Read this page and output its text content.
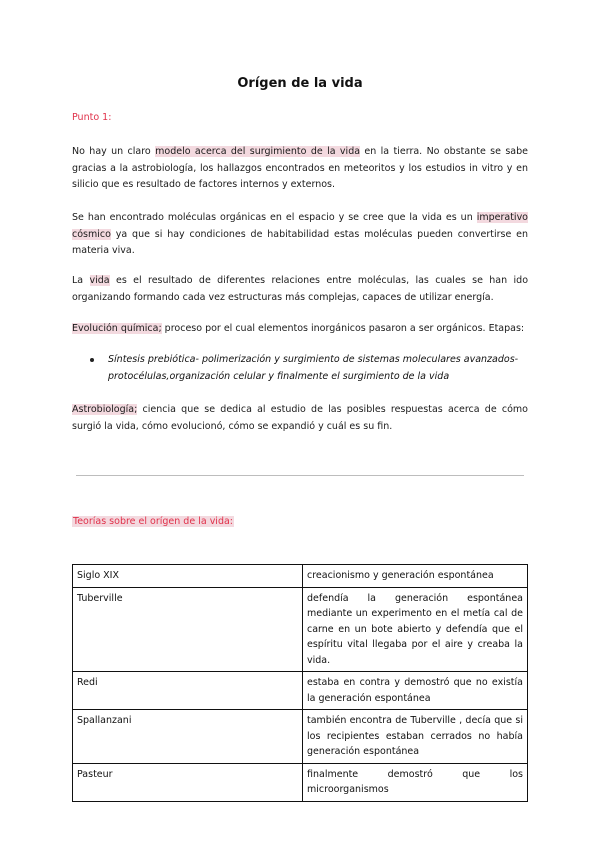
Orígen de la vida
Punto 1:
No hay un claro modelo acerca del surgimiento de la vida en la tierra. No obstante se sabe gracias a la astrobiología, los hallazgos encontrados en meteoritos y los estudios in vitro y en silicio que es resultado de factores internos y externos.
Se han encontrado moléculas orgánicas en el espacio y se cree que la vida es un imperativo cósmico ya que si hay condiciones de habitabilidad estas moléculas pueden convertirse en materia viva.
La vida es el resultado de diferentes relaciones entre moléculas, las cuales se han ido organizando formando cada vez estructuras más complejas, capaces de utilizar energía.
Evolución química; proceso por el cual elementos inorgánicos pasaron a ser orgánicos. Etapas:
Síntesis prebiótica- polimerización y surgimiento de sistemas moleculares avanzados- protocélulas,organización celular y finalmente el surgimiento de la vida
Astrobiología; ciencia que se dedica al estudio de las posibles respuestas acerca de cómo surgió la vida, cómo evolucionó, cómo se expandió y cuál es su fin.
Teorías sobre el orígen de la vida:
Siglo XIX	creacionismo y generación espontánea
Tuberville	defendía la generación espontánea mediante un experimento en el metía cal de carne en un bote abierto y defendía que el espíritu vital llegaba por el aire y creaba la vida.
Redi	estaba en contra y demostró que no existía la generación espontánea
Spallanzani	también encontra de Tuberville , decía que si los recipientes estaban cerrados no había generación espontánea
Pasteur	finalmente demostró que los microorganismos
